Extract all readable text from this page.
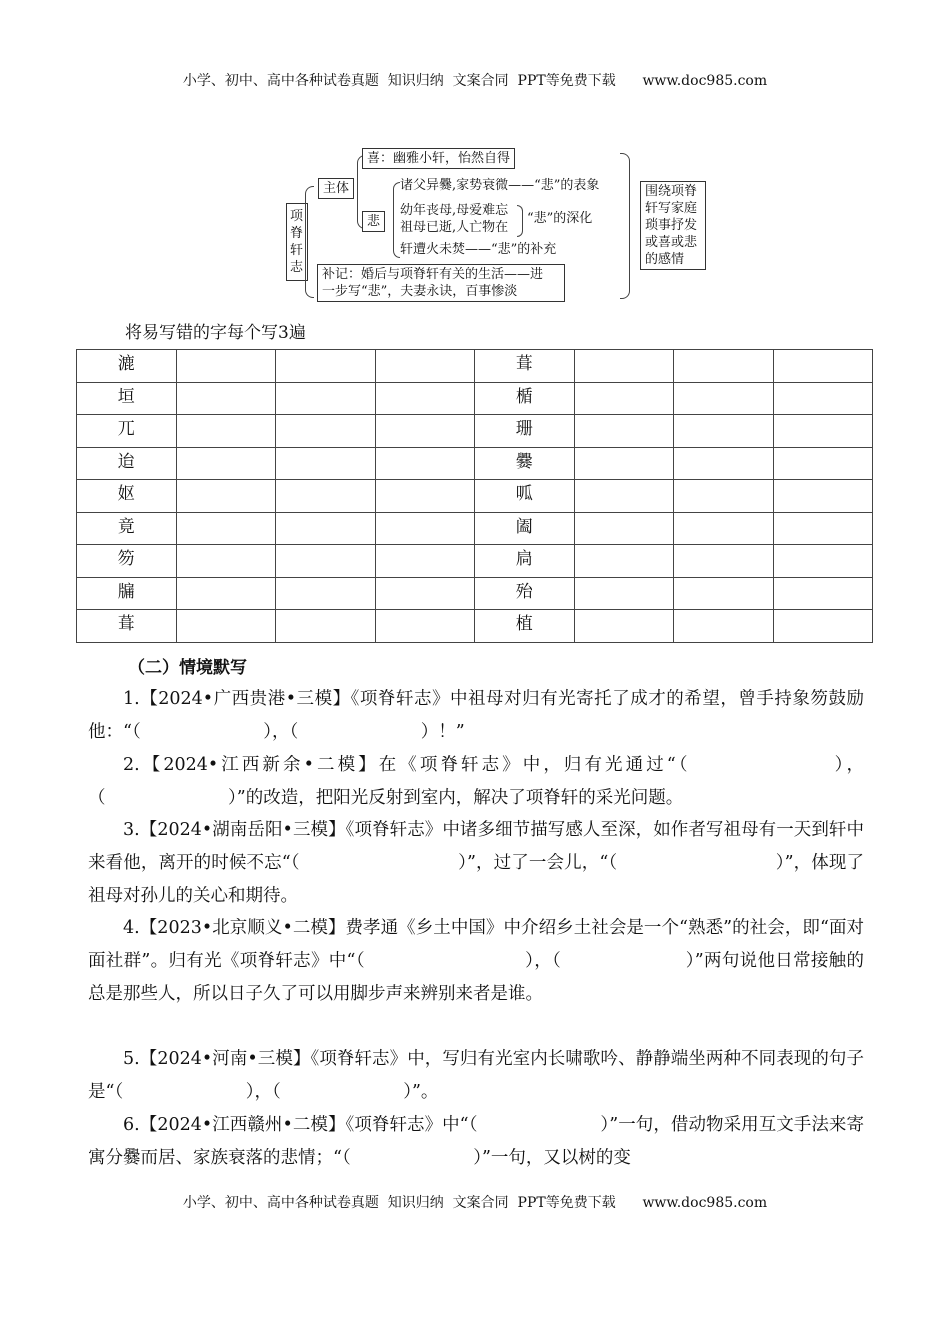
小学、初中、高中各种试卷真题  知识归纳  文案合同  PPT等免费下载      www.doc985.com
项脊轩志
主体
喜：幽雅小轩，怡然自得
悲
诸父异爨,家势衰微——“悲”的表象
幼年丧母,母爱难忘
祖母已逝,人亡物在
“悲”的深化
轩遭火未焚——“悲”的补充
补记：婚后与项脊轩有关的生活——进
一步写“悲”，夫妻永诀，百事惨淡
围绕项脊轩写家庭琐事抒发或喜或悲的感情
将易写错的字每个写3遍
漉				葺			
垣				楯			
兀				珊			
迨				爨			
妪				呱			
竟				阖			
笏				扃			
牖				殆			
葺				植			
（二）情境默写
1.【2024•广西贵港•三模】《项脊轩志》中祖母对归有光寄托了成才的希望，曾手持象笏鼓励他：“（　　　　　　　），（　　　　　　　）！”
2.【2024•江西新余•二模】在《项脊轩志》中，归有光通过“（　　　　　　　），（　　　　　　　）”的改造，把阳光反射到室内，解决了项脊轩的采光问题。
3.【2024•湖南岳阳•三模】《项脊轩志》中诸多细节描写感人至深，如作者写祖母有一天到轩中来看他，离开的时候不忘“（　　　　　　　　　）”，过了一会儿，“（　　　　　　　　　）”，体现了祖母对孙儿的关心和期待。
4.【2023•北京顺义•二模】费孝通《乡土中国》中介绍乡土社会是一个“熟悉”的社会，即“面对面社群”。归有光《项脊轩志》中“（　　　　　　　　　），（　　　　　　　）”两句说他日常接触的总是那些人，所以日子久了可以用脚步声来辨别来者是谁。
5.【2024•河南•三模】《项脊轩志》中，写归有光室内长啸歌吟、静静端坐两种不同表现的句子是“（　　　　　　　），（　　　　　　　）”。
6.【2024•江西赣州•二模】《项脊轩志》中“（　　　　　　　）”一句，借动物采用互文手法来寄寓分爨而居、家族衰落的悲情；“（　　　　　　　）”一句，又以树的变
小学、初中、高中各种试卷真题  知识归纳  文案合同  PPT等免费下载      www.doc985.com
